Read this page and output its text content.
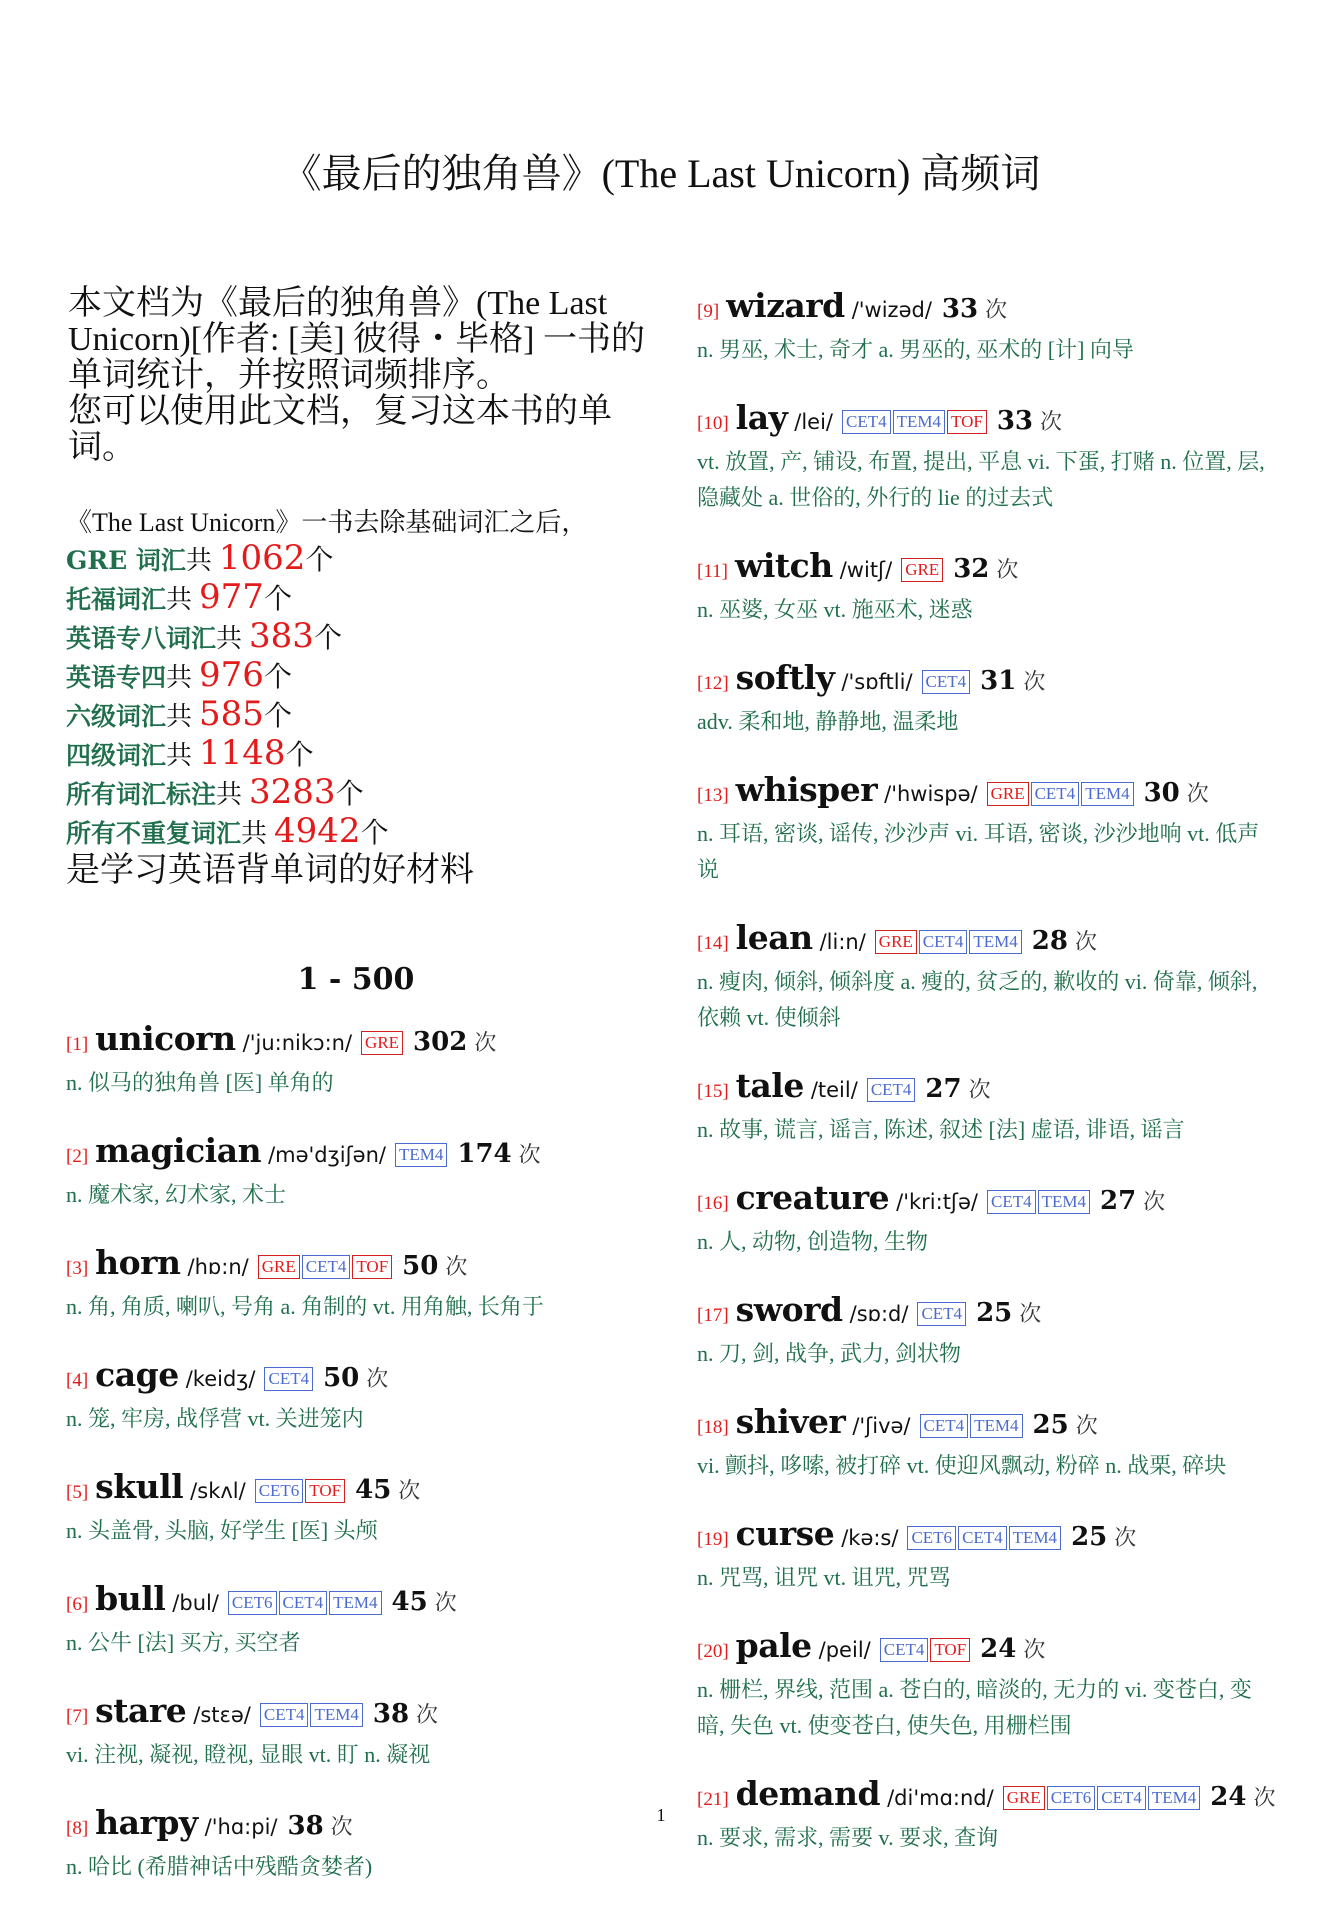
《最后的独角兽》(The Last Unicorn) 高频词
本文档为《最后的独角兽》(The Last Unicorn)[作者: [美] 彼得・毕格] 一书的单词统计，并按照词频排序。
您可以使用此文档，复习这本书的单词。
《The Last Unicorn》一书去除基础词汇之后，
GRE 词汇共 1062个
托福词汇共 977个
英语专八词汇共 383个
英语专四共 976个
六级词汇共 585个
四级词汇共 1148个
所有词汇标注共 3283个
所有不重复词汇共 4942个
是学习英语背单词的好材料
1 - 500
[1] unicorn /'ju:nikɔ:n/ GRE 302 次
n. 似马的独角兽 [医] 单角的
[2] magician /mə'dʒiʃən/ TEM4 174 次
n. 魔术家, 幻术家, 术士
[3] horn /hɒ:n/ GRE CET4 TOF 50 次
n. 角, 角质, 喇叭, 号角 a. 角制的 vt. 用角触, 长角于
[4] cage /keidʒ/ CET4 50 次
n. 笼, 牢房, 战俘营 vt. 关进笼内
[5] skull /skʌl/ CET6 TOF 45 次
n. 头盖骨, 头脑, 好学生 [医] 头颅
[6] bull /bul/ CET6 CET4 TEM4 45 次
n. 公牛 [法] 买方, 买空者
[7] stare /stɛə/ CET4 TEM4 38 次
vi. 注视, 凝视, 瞪视, 显眼 vt. 盯 n. 凝视
[8] harpy /'hɑ:pi/ 38 次
n. 哈比 (希腊神话中残酷贪婪者)
[9] wizard /'wizəd/ 33 次
n. 男巫, 术士, 奇才 a. 男巫的, 巫术的 [计] 向导
[10] lay /lei/ CET4 TEM4 TOF 33 次
vt. 放置, 产, 铺设, 布置, 提出, 平息 vi. 下蛋, 打赌 n. 位置, 层, 隐藏处 a. 世俗的, 外行的 lie 的过去式
[11] witch /witʃ/ GRE 32 次
n. 巫婆, 女巫 vt. 施巫术, 迷惑
[12] softly /'sɒftli/ CET4 31 次
adv. 柔和地, 静静地, 温柔地
[13] whisper /'hwispə/ GRE CET4 TEM4 30 次
n. 耳语, 密谈, 谣传, 沙沙声 vi. 耳语, 密谈, 沙沙地响 vt. 低声说
[14] lean /li:n/ GRE CET4 TEM4 28 次
n. 瘦肉, 倾斜, 倾斜度 a. 瘦的, 贫乏的, 歉收的 vi. 倚靠, 倾斜, 依赖 vt. 使倾斜
[15] tale /teil/ CET4 27 次
n. 故事, 谎言, 谣言, 陈述, 叙述 [法] 虚语, 诽语, 谣言
[16] creature /'kri:tʃə/ CET4 TEM4 27 次
n. 人, 动物, 创造物, 生物
[17] sword /sɒ:d/ CET4 25 次
n. 刀, 剑, 战争, 武力, 剑状物
[18] shiver /'ʃivə/ CET4 TEM4 25 次
vi. 颤抖, 哆嗦, 被打碎 vt. 使迎风飘动, 粉碎 n. 战栗, 碎块
[19] curse /kə:s/ CET6 CET4 TEM4 25 次
n. 咒骂, 诅咒 vt. 诅咒, 咒骂
[20] pale /peil/ CET4 TOF 24 次
n. 栅栏, 界线, 范围 a. 苍白的, 暗淡的, 无力的 vi. 变苍白, 变暗, 失色 vt. 使变苍白, 使失色, 用栅栏围
[21] demand /di'mɑ:nd/ GRE CET6 CET4 TEM4 24 次
n. 要求, 需求, 需要 v. 要求, 查询
1
